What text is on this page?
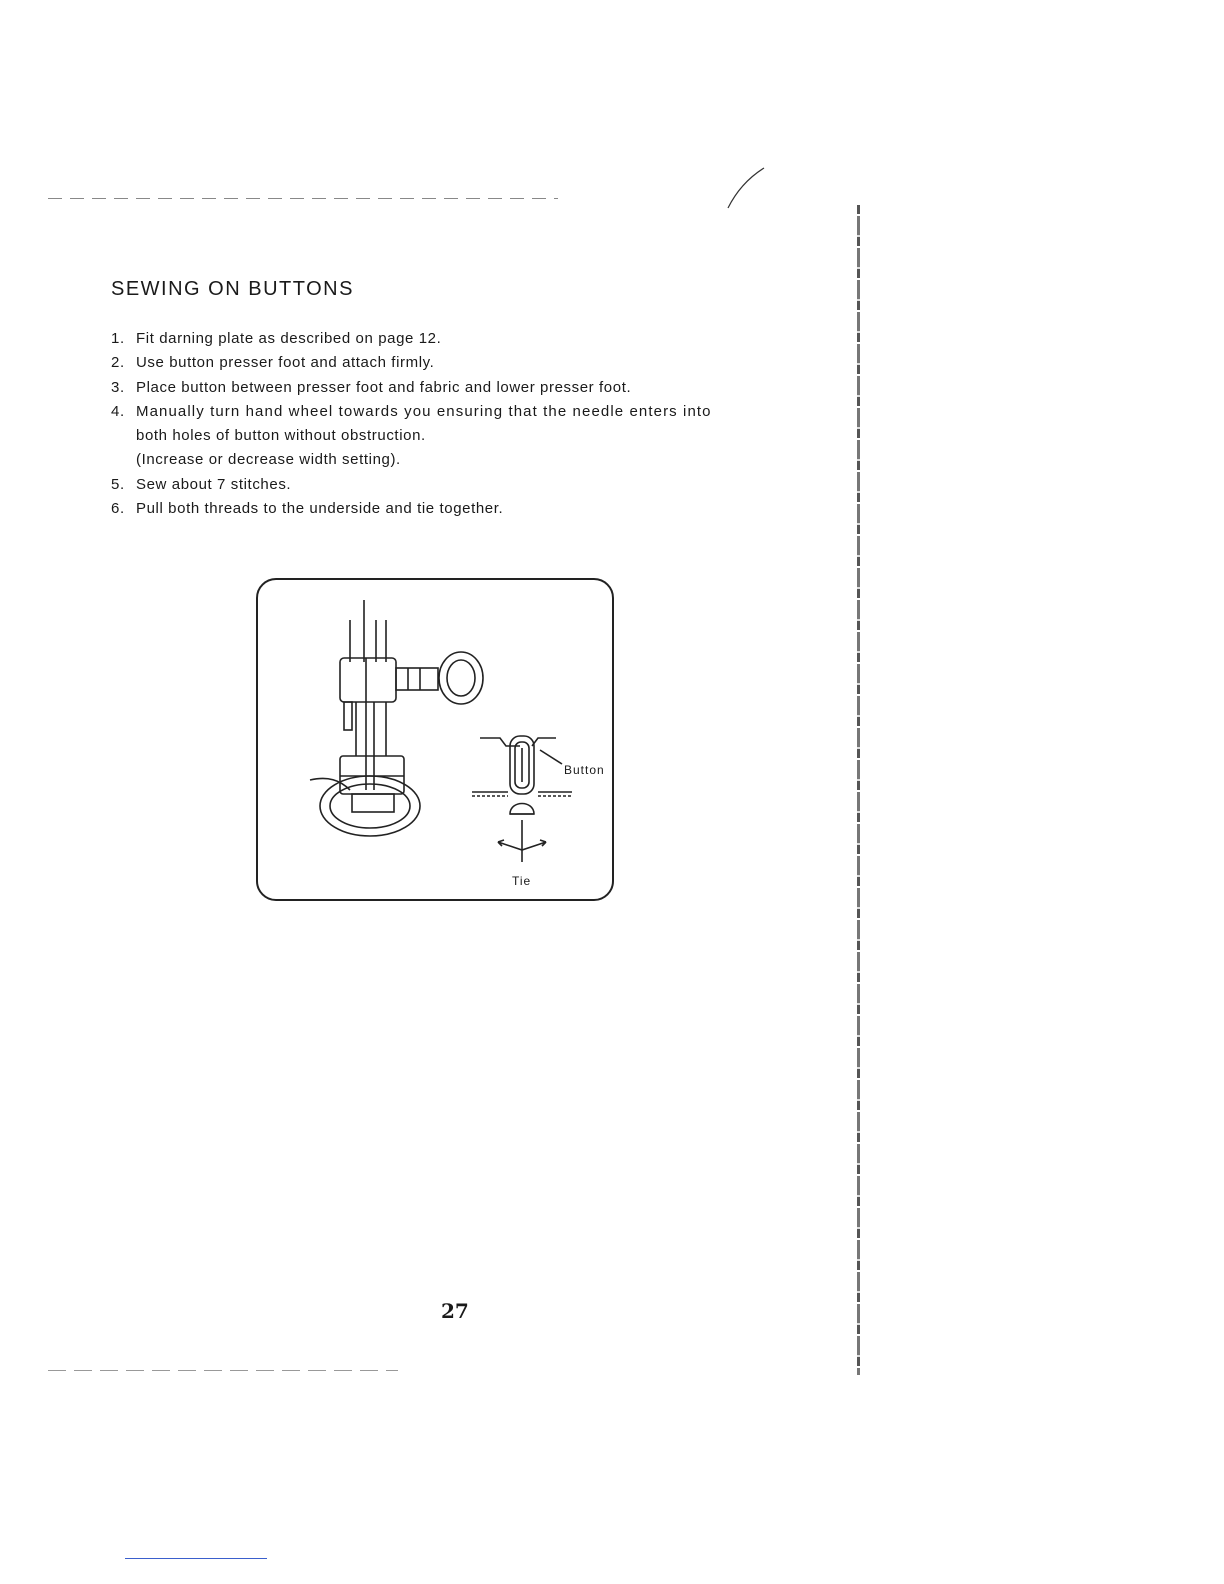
SEWING ON BUTTONS
1. Fit darning plate as described on page 12.
2. Use button presser foot and attach firmly.
3. Place button between presser foot and fabric and lower presser foot.
4. Manually turn hand wheel towards you ensuring that the needle enters into
both holes of button without obstruction.
(Increase or decrease width setting).
5. Sew about 7 stitches.
6. Pull both threads to the underside and tie together.
Button
Tie
27
